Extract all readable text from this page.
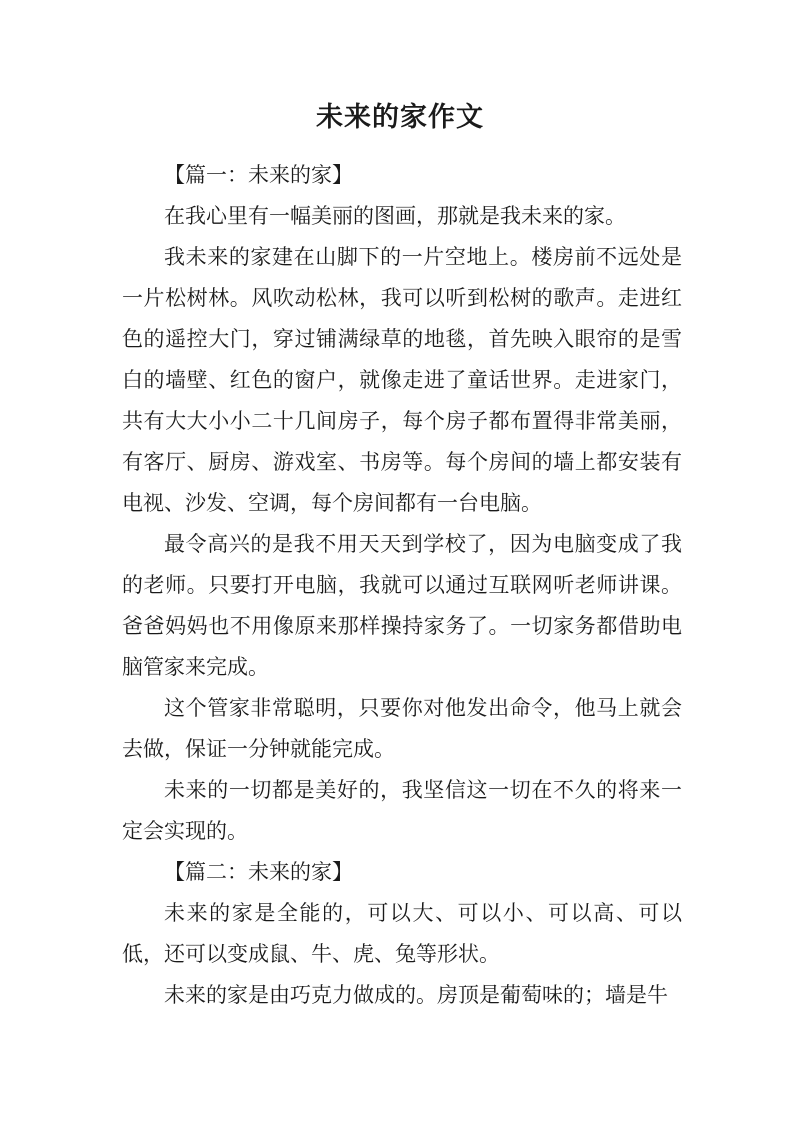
未来的家作文

【篇一：未来的家】

在我心里有一幅美丽的图画，那就是我未来的家。

我未来的家建在山脚下的一片空地上。楼房前不远处是一片松树林。风吹动松林，我可以听到松树的歌声。走进红色的遥控大门，穿过铺满绿草的地毯，首先映入眼帘的是雪白的墙壁、红色的窗户，就像走进了童话世界。走进家门，共有大大小小二十几间房子，每个房子都布置得非常美丽，有客厅、厨房、游戏室、书房等。每个房间的墙上都安装有电视、沙发、空调，每个房间都有一台电脑。

最令高兴的是我不用天天到学校了，因为电脑变成了我的老师。只要打开电脑，我就可以通过互联网听老师讲课。爸爸妈妈也不用像原来那样操持家务了。一切家务都借助电脑管家来完成。

这个管家非常聪明，只要你对他发出命令，他马上就会去做，保证一分钟就能完成。

未来的一切都是美好的，我坚信这一切在不久的将来一定会实现的。

【篇二：未来的家】

未来的家是全能的，可以大、可以小、可以高、可以低，还可以变成鼠、牛、虎、兔等形状。

未来的家是由巧克力做成的。房顶是葡萄味的；墙是牛
